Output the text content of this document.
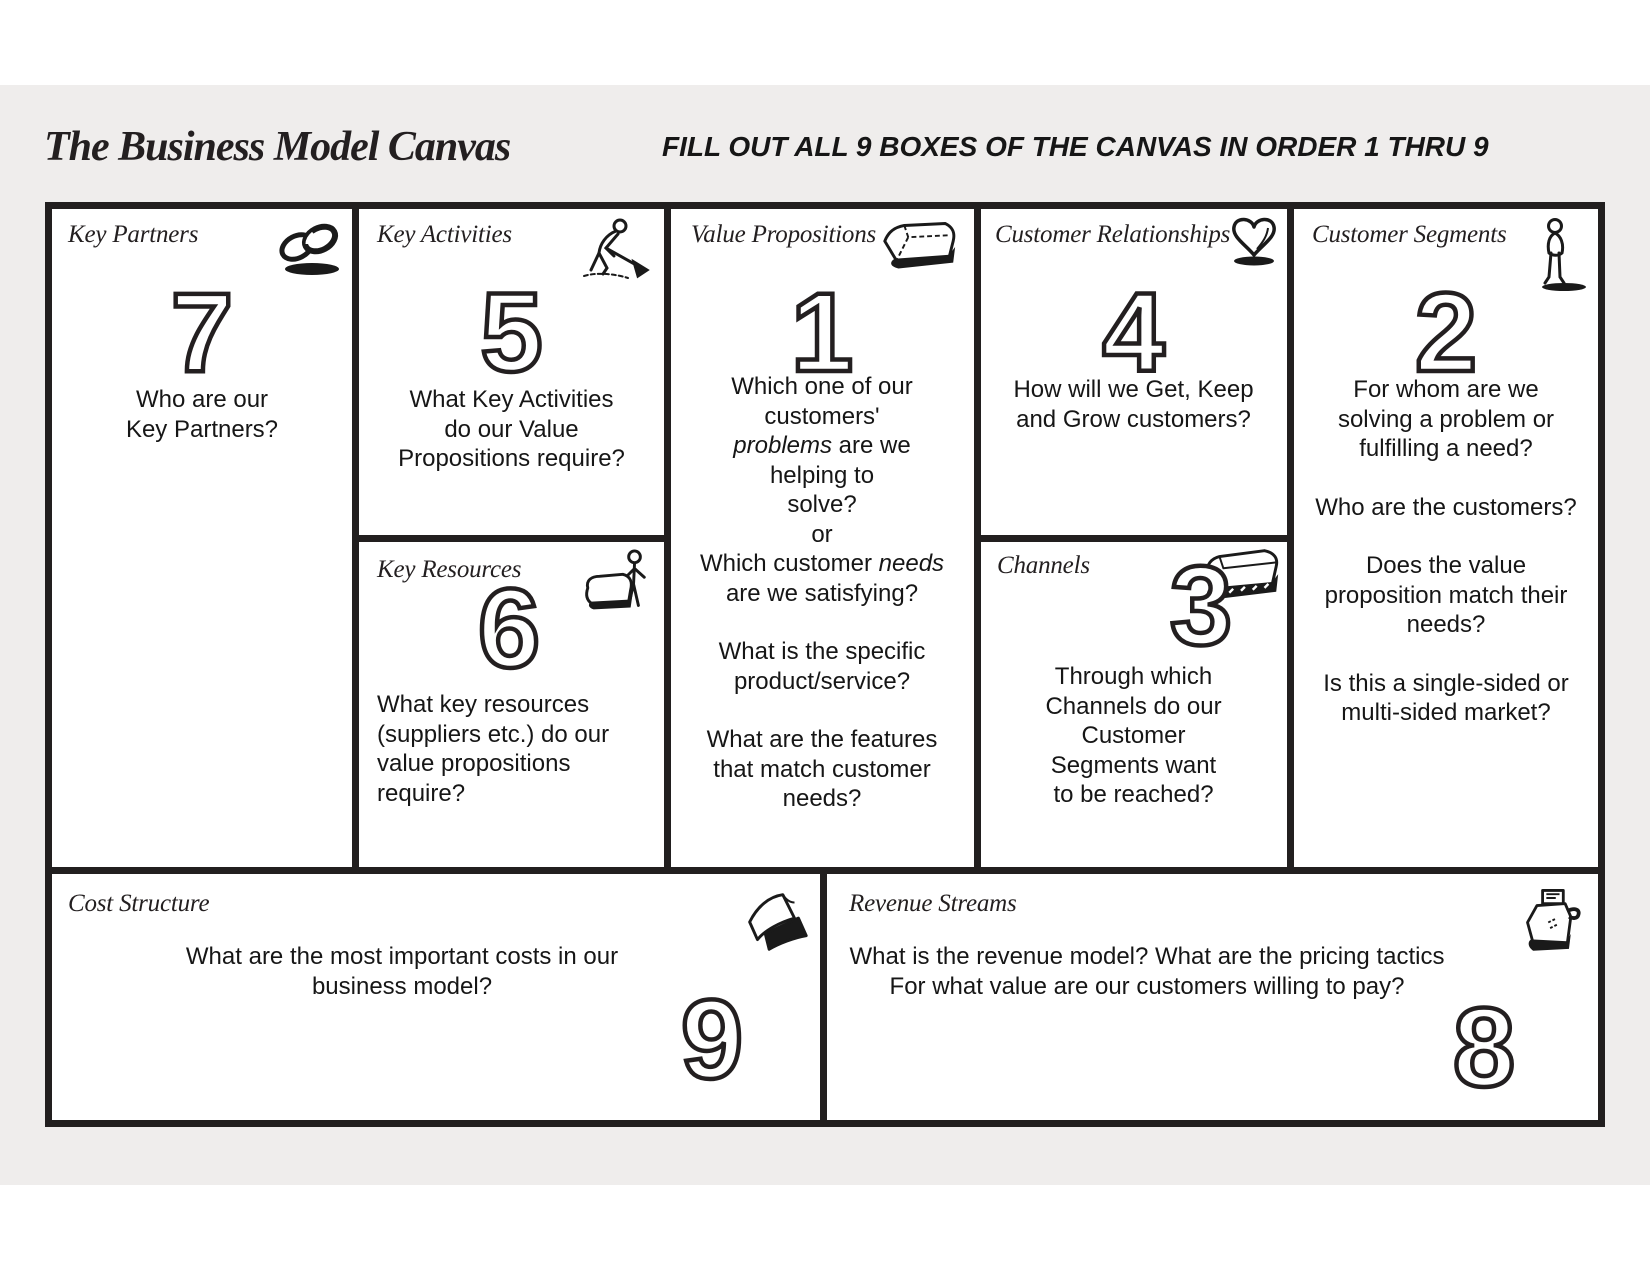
The Business Model Canvas	FILL OUT ALL 9 BOXES OF THE CANVAS IN ORDER 1 THRU 9
Key Partners
7
Who are our
Key Partners?
Key Activities
5
What Key Activities
do our Value
Propositions require?
Key Resources
6
What key resources
(suppliers etc.) do our
value propositions
require?
Value Propositions
1
Which one of our
customers'
problems are we
helping to
solve?
or
Which customer needs
are we satisfying?
What is the specific
product/service?
What are the features
that match customer
needs?
Customer Relationships
4
How will we Get, Keep
and Grow customers?
Channels 3
Through which
Channels do our
Customer
Segments want
to be reached?
Customer Segments
2
For whom are we
solving a problem or
fulfilling a need?
Who are the customers?
Does the value
proposition match their
needs?
Is this a single-sided or
multi-sided market?
Cost Structure
What are the most important costs in our
business model?	9
Revenue Streams
What is the revenue model? What are the pricing tactics
For what value are our customers willing to pay? 8
